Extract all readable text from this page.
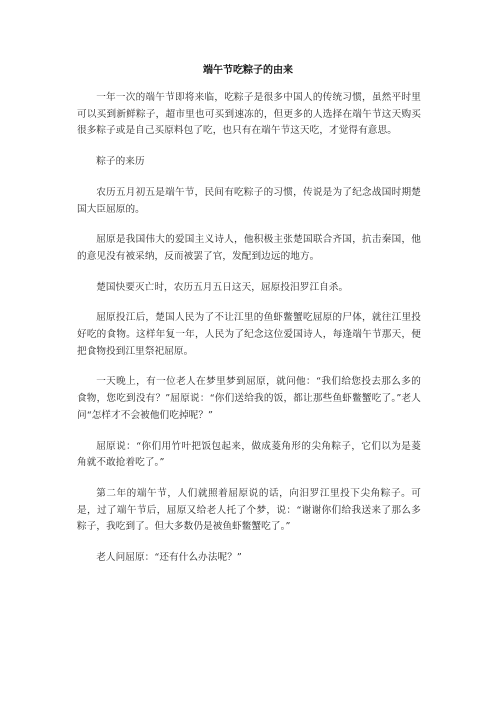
端午节吃粽子的由来

一年一次的端午节即将来临，吃粽子是很多中国人的传统习惯，虽然平时里可以买到新鲜粽子，超市里也可买到速冻的，但更多的人选择在端午节这天购买很多粽子或是自己买原料包了吃，也只有在端午节这天吃，才觉得有意思。

粽子的来历

农历五月初五是端午节，民间有吃粽子的习惯，传说是为了纪念战国时期楚国大臣屈原的。

屈原是我国伟大的爱国主义诗人，他积极主张楚国联合齐国，抗击秦国，他的意见没有被采纳，反而被罢了官，发配到边远的地方。

楚国快要灭亡时，农历五月五日这天，屈原投汨罗江自杀。

屈原投江后，楚国人民为了不让江里的鱼虾鳖蟹吃屈原的尸体，就往江里投好吃的食物。这样年复一年，人民为了纪念这位爱国诗人，每逢端午节那天，便把食物投到江里祭祀屈原。

一天晚上，有一位老人在梦里梦到屈原，就问他：“我们给您投去那么多的食物，您吃到没有？”屈原说：“你们送给我的饭，都让那些鱼虾鳖蟹吃了。”老人问“怎样才不会被他们吃掉呢？”

屈原说：“你们用竹叶把饭包起来，做成菱角形的尖角粽子，它们以为是菱角就不敢抢着吃了。”

第二年的端午节，人们就照着屈原说的话，向汨罗江里投下尖角粽子。可是，过了端午节后，屈原又给老人托了个梦，说：“谢谢你们给我送来了那么多粽子，我吃到了。但大多数仍是被鱼虾鳖蟹吃了。”

老人问屈原：“还有什么办法呢？”
